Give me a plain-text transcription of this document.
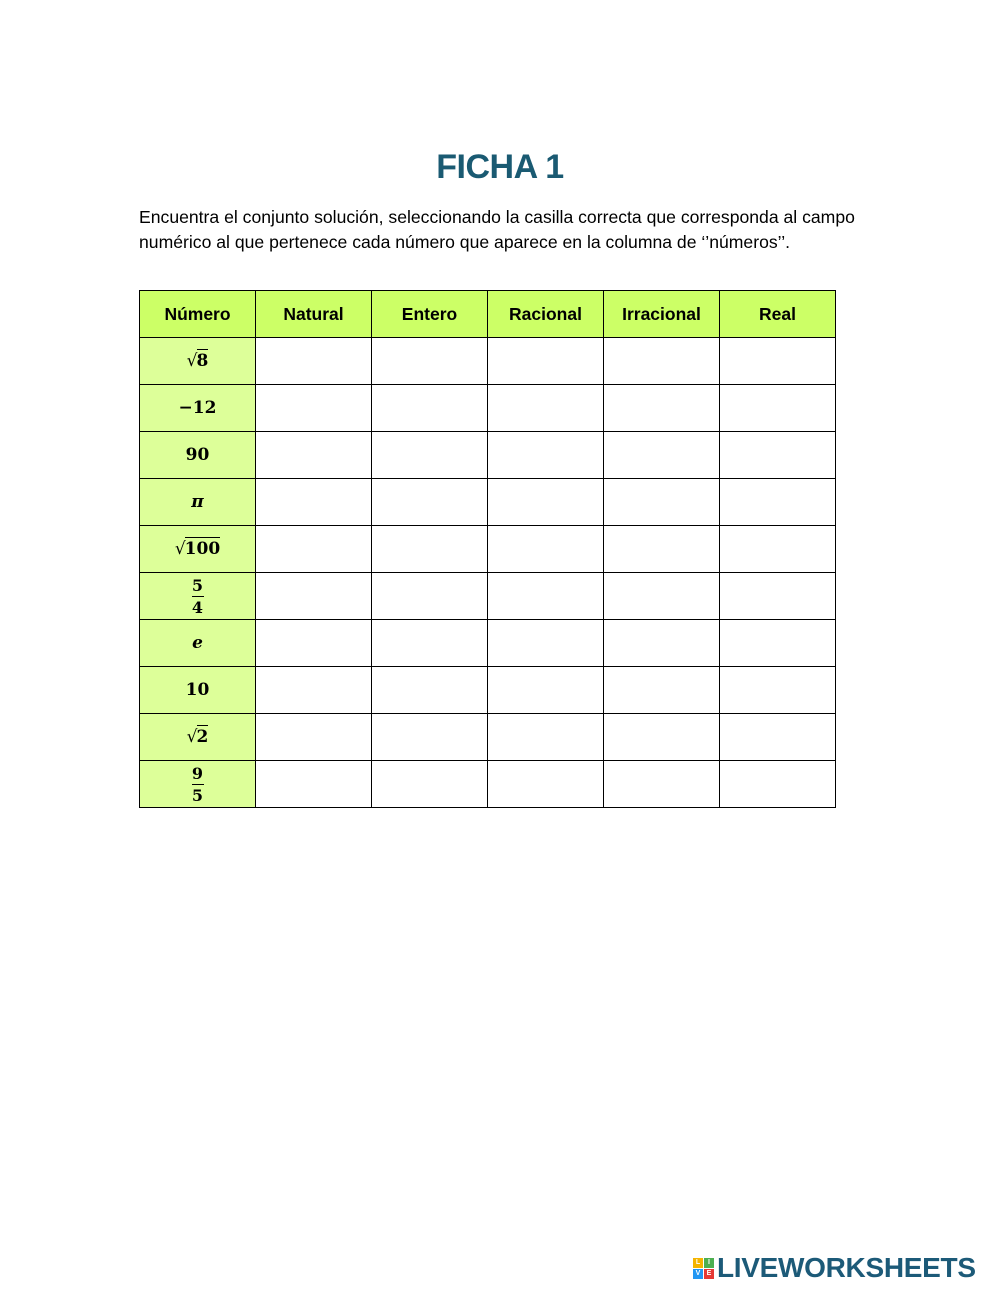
FICHA 1
Encuentra el conjunto solución, seleccionando la casilla correcta que corresponda al campo numérico al que pertenece cada número que aparece en la columna de ‘’números’’.
Número	Natural	Entero	Racional	Irracional	Real
√8					
−12					
90					
π					
√100					

$\frac{5}{4}$

e					
10					
√2					

$\frac{9}{5}$

L	I
V E LIVEWORKSHEETS
